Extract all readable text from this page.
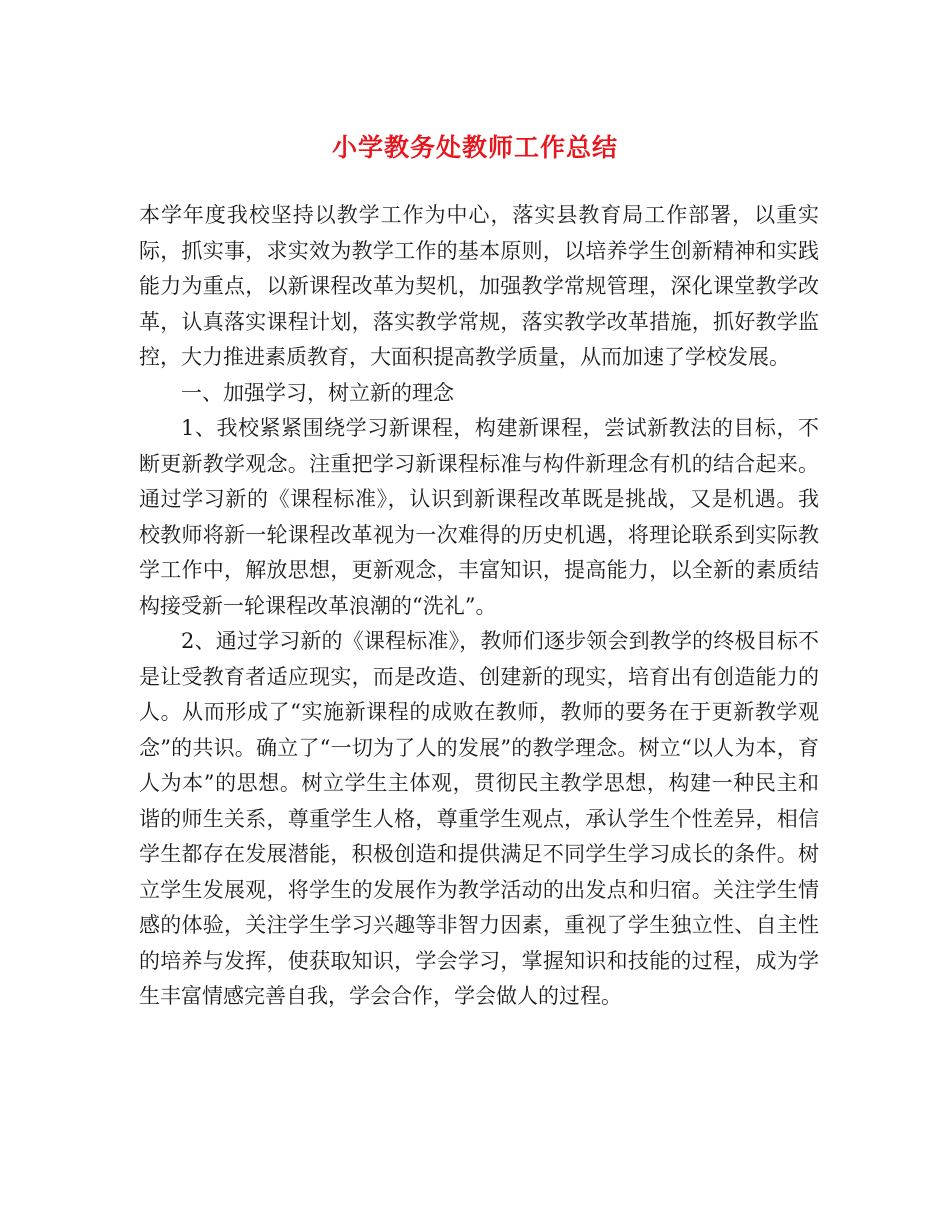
小学教务处教师工作总结

本学年度我校坚持以教学工作为中心，落实县教育局工作部署，以重实际，抓实事，求实效为教学工作的基本原则，以培养学生创新精神和实践能力为重点，以新课程改革为契机，加强教学常规管理，深化课堂教学改革，认真落实课程计划，落实教学常规，落实教学改革措施，抓好教学监控，大力推进素质教育，大面积提高教学质量，从而加速了学校发展。

一、加强学习，树立新的理念

1、我校紧紧围绕学习新课程，构建新课程，尝试新教法的目标，不断更新教学观念。注重把学习新课程标准与构件新理念有机的结合起来。通过学习新的《课程标准》，认识到新课程改革既是挑战，又是机遇。我校教师将新一轮课程改革视为一次难得的历史机遇，将理论联系到实际教学工作中，解放思想，更新观念，丰富知识，提高能力，以全新的素质结构接受新一轮课程改革浪潮的“洗礼”。

2、通过学习新的《课程标准》，教师们逐步领会到教学的终极目标不是让受教育者适应现实，而是改造、创建新的现实，培育出有创造能力的人。从而形成了“实施新课程的成败在教师，教师的要务在于更新教学观念”的共识。确立了“一切为了人的发展”的教学理念。树立“以人为本，育人为本”的思想。树立学生主体观，贯彻民主教学思想，构建一种民主和谐的师生关系，尊重学生人格，尊重学生观点，承认学生个性差异，相信学生都存在发展潜能，积极创造和提供满足不同学生学习成长的条件。树立学生发展观，将学生的发展作为教学活动的出发点和归宿。关注学生情感的体验，关注学生学习兴趣等非智力因素，重视了学生独立性、自主性的培养与发挥，使获取知识，学会学习，掌握知识和技能的过程，成为学生丰富情感完善自我，学会合作，学会做人的过程。
